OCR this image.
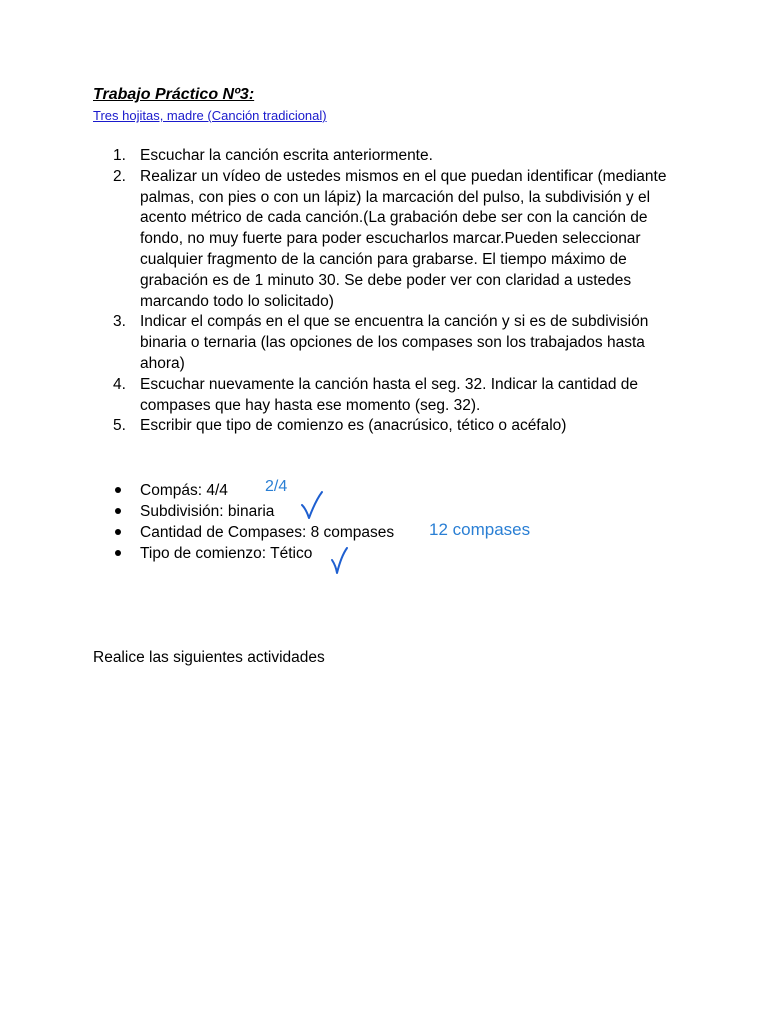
Trabajo Práctico Nº3:
Tres hojitas, madre (Canción tradicional)
1. Escuchar la canción escrita anteriormente.
2. Realizar un vídeo de ustedes mismos en el que puedan identificar (mediante palmas, con pies o con un lápiz) la marcación del pulso, la subdivisión y el acento métrico de cada canción.(La grabación debe ser con la canción de fondo, no muy fuerte para poder escucharlos marcar.Pueden seleccionar cualquier fragmento de la canción para grabarse. El tiempo máximo de grabación es de 1 minuto 30. Se debe poder ver con claridad a ustedes marcando todo lo solicitado)
3. Indicar el compás en el que se encuentra la canción y si es de subdivisión binaria o ternaria (las opciones de los compases son los trabajados hasta ahora)
4. Escuchar nuevamente la canción hasta el seg. 32. Indicar la cantidad de compases que hay hasta ese momento (seg. 32).
5. Escribir que tipo de comienzo es (anacrúsico, tético o acéfalo)
Compás: 4/4
Subdivisión: binaria
Cantidad de Compases: 8 compases
Tipo de comienzo: Tético
2/4
12 compases
Realice las siguientes actividades
